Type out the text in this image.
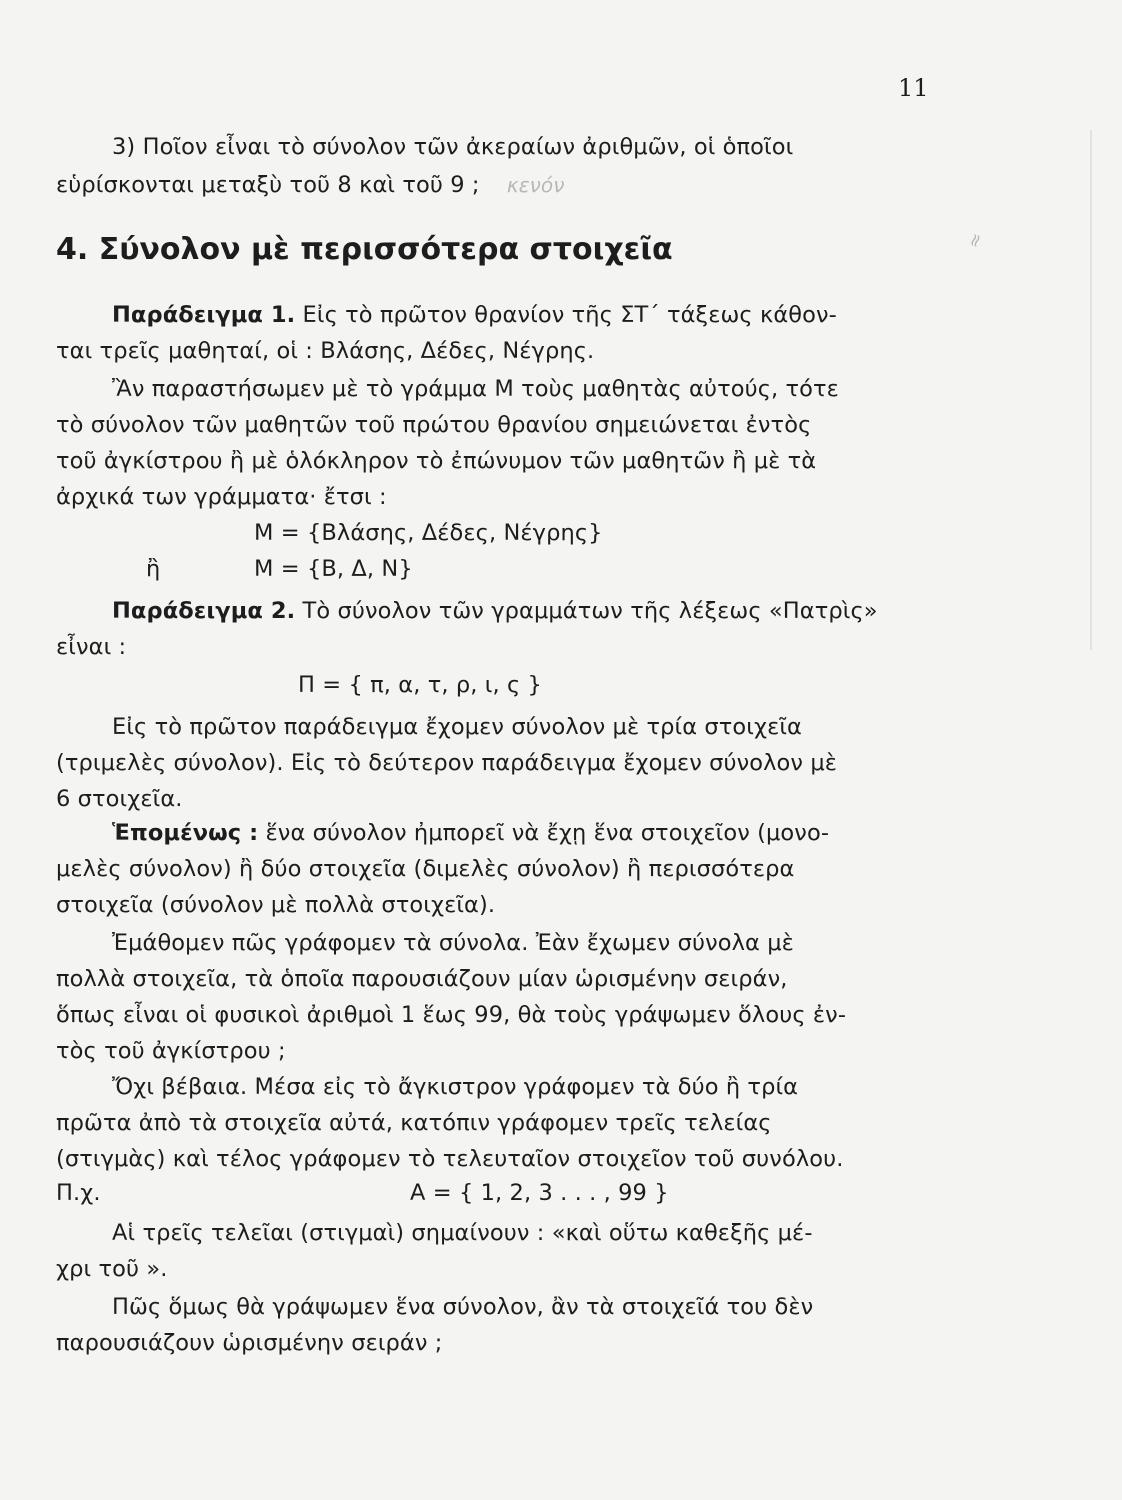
≈
11
3) Ποῖον εἶναι τὸ σύνολον τῶν ἀκεραίων ἀριθμῶν, οἱ ὁποῖοι
εὑρίσκονται μεταξὺ τοῦ 8 καὶ τοῦ 9 ; κενόν
4. Σύνολον μὲ περισσότερα στοιχεῖα
Παράδειγμα 1. Εἰς τὸ πρῶτον θρανίον τῆς ΣΤ΄ τάξεως κάθον-
ται τρεῖς μαθηταί, οἱ : Βλάσης, Δέδες, Νέγρης.
Ἂν παραστήσωμεν μὲ τὸ γράμμα Μ τοὺς μαθητὰς αὐτούς, τότε
τὸ σύνολον τῶν μαθητῶν τοῦ πρώτου θρανίου σημειώνεται ἐντὸς
τοῦ ἀγκίστρου ἢ μὲ ὁλόκληρον τὸ ἐπώνυμον τῶν μαθητῶν ἢ μὲ τὰ
ἀρχικά των γράμματα· ἔτσι :
Μ = {Βλάσης, Δέδες, Νέγρης}
ἢ	Μ = {Β, Δ, Ν}
Παράδειγμα 2. Τὸ σύνολον τῶν γραμμάτων τῆς λέξεως «Πατρὶς»
εἶναι :
Π = { π, α, τ, ρ, ι, ς }
Εἰς τὸ πρῶτον παράδειγμα ἔχομεν σύνολον μὲ τρία στοιχεῖα
(τριμελὲς σύνολον). Εἰς τὸ δεύτερον παράδειγμα ἔχομεν σύνολον μὲ
6 στοιχεῖα.
Ἑπομένως : ἕνα σύνολον ἠμπορεῖ νὰ ἔχῃ ἕνα στοιχεῖον (μονο-
μελὲς σύνολον) ἢ δύο στοιχεῖα (διμελὲς σύνολον) ἢ περισσότερα
στοιχεῖα (σύνολον μὲ πολλὰ στοιχεῖα).
Ἐμάθομεν πῶς γράφομεν τὰ σύνολα. Ἐὰν ἔχωμεν σύνολα μὲ
πολλὰ στοιχεῖα, τὰ ὁποῖα παρουσιάζουν μίαν ὡρισμένην σειράν,
ὅπως εἶναι οἱ φυσικοὶ ἀριθμοὶ 1 ἕως 99, θὰ τοὺς γράψωμεν ὅλους ἐν-
τὸς τοῦ ἀγκίστρου ;
Ὄχι βέβαια. Μέσα εἰς τὸ ἄγκιστρον γράφομεν τὰ δύο ἢ τρία
πρῶτα ἀπὸ τὰ στοιχεῖα αὐτά, κατόπιν γράφομεν τρεῖς τελείας
(στιγμὰς) καὶ τέλος γράφομεν τὸ τελευταῖον στοιχεῖον τοῦ συνόλου.
Π.χ.	Α = { 1, 2, 3 . . . , 99 }
Αἱ τρεῖς τελεῖαι (στιγμαὶ) σημαίνουν : «καὶ οὕτω καθεξῆς μέ-
χρι τοῦ ».
Πῶς ὅμως θὰ γράψωμεν ἕνα σύνολον, ἂν τὰ στοιχεῖά του δὲν
παρουσιάζουν ὡρισμένην σειράν ;
